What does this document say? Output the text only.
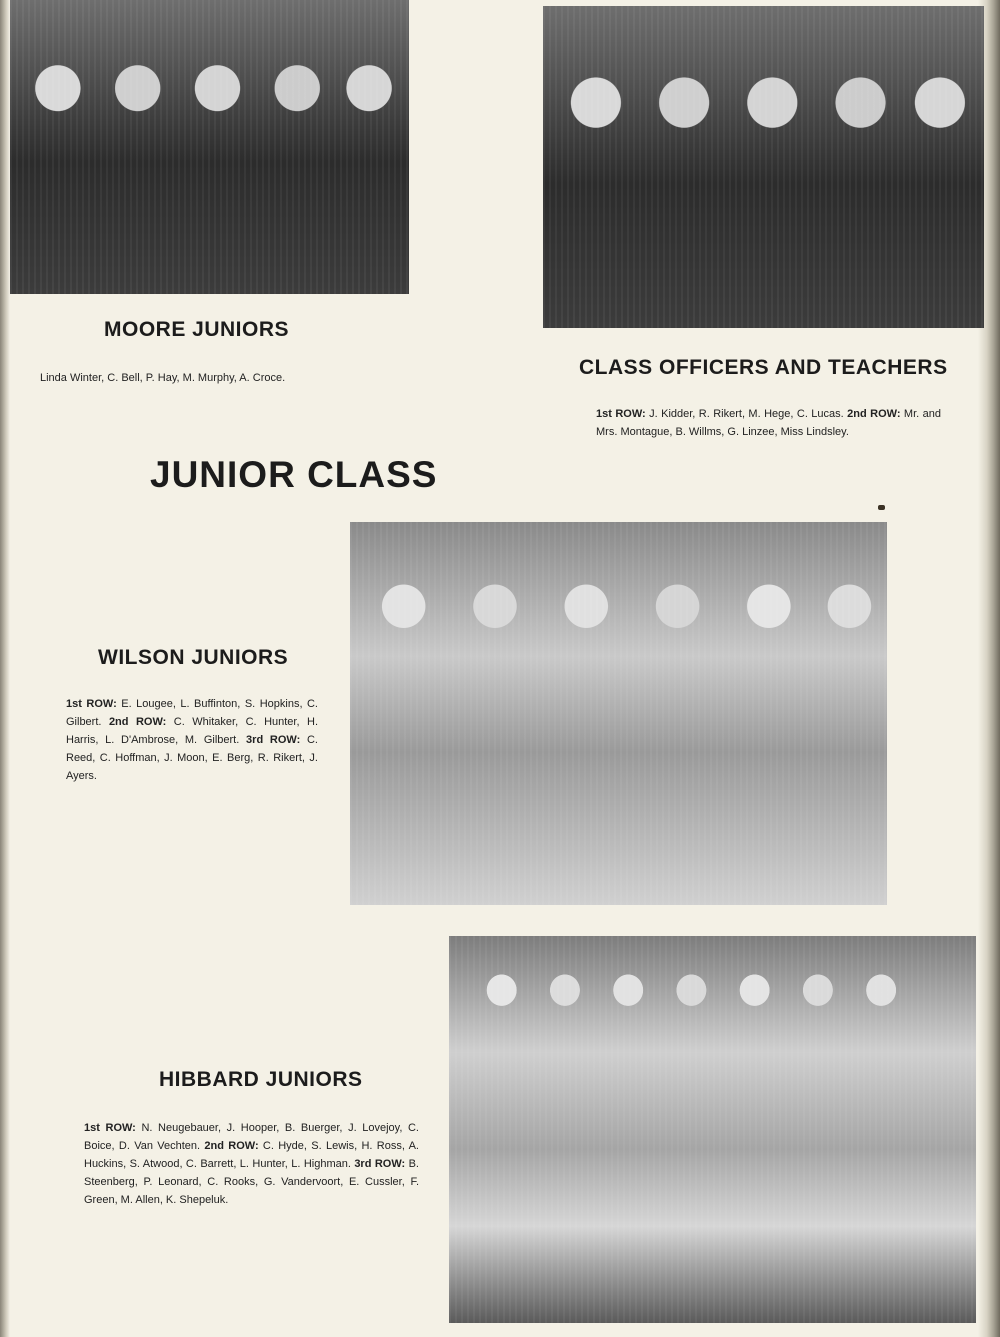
MOORE JUNIORS

Linda Winter, C. Bell, P. Hay, M. Murphy, A. Croce.	CLASS OFFICERS AND TEACHERS

1st ROW: J. Kidder, R. Rikert, M. Hege, C. Lucas. 2nd ROW: Mr. and Mrs. Montague, B. Willms, G. Linzee, Miss Lindsley.

JUNIOR CLASS
WILSON JUNIORS

1st ROW: E. Lougee, L. Buffinton, S. Hopkins, C. Gilbert. 2nd ROW: C. Whitaker, C. Hunter, H. Harris, L. D'Ambrose, M. Gilbert. 3rd ROW: C. Reed, C. Hoffman, J. Moon, E. Berg, R. Rikert, J. Ayers.

HIBBARD JUNIORS

1st ROW: N. Neugebauer, J. Hooper, B. Buerger, J. Lovejoy, C. Boice, D. Van Vechten. 2nd ROW: C. Hyde, S. Lewis, H. Ross, A. Huckins, S. Atwood, C. Barrett, L. Hunter, L. Highman. 3rd ROW: B. Steenberg, P. Leonard, C. Rooks, G. Vandervoort, E. Cussler, F. Green, M. Allen, K. Shepeluk.
